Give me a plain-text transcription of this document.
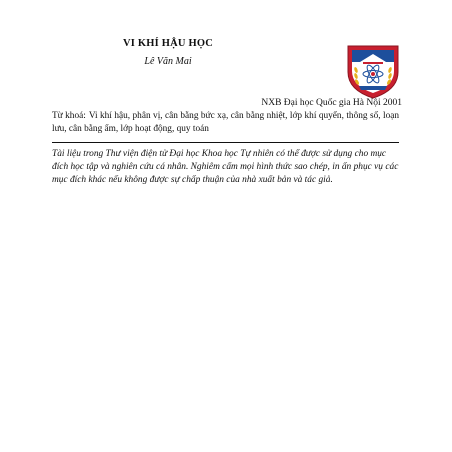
VI KHÍ HẬU HỌC
Lê Văn Mai
NXB Đại học Quốc gia Hà Nội 2001
Từ khoá: Vi khí hậu, phân vị, cân bằng bức xạ, cân bằng nhiệt, lớp khí quyển, thông số, loạn lưu, cân bằng ẩm, lớp hoạt động, quy toán
Tài liệu trong Thư viện điện tử Đại học Khoa học Tự nhiên có thể được sử dụng cho mục đích học tập và nghiên cứu cá nhân. Nghiêm cấm mọi hình thức sao chép, in ấn phục vụ các mục đích khác nếu không được sự chấp thuận của nhà xuất bản và tác giả.
